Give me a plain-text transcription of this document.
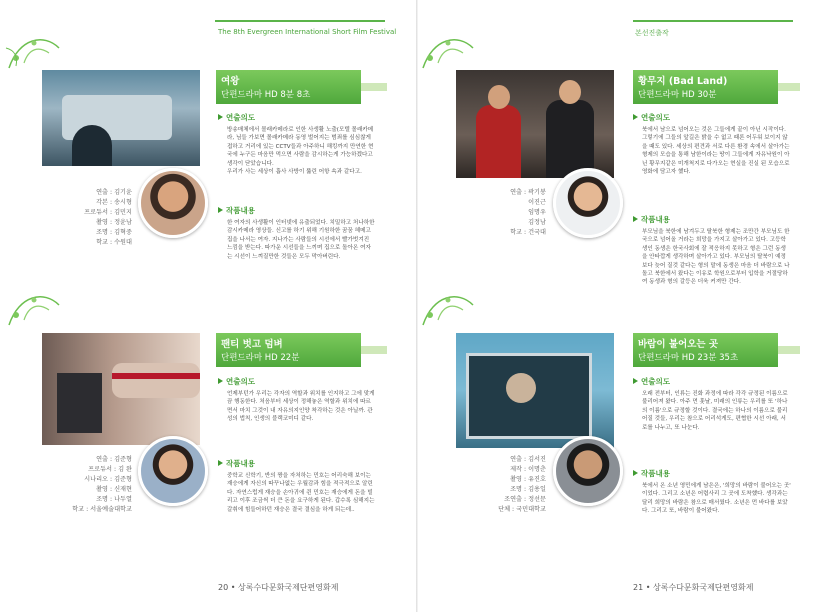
The 8th Evergreen International Short Film Festival
연출 : 김기윤
각본 : 송시형
프로듀서 : 김민지
촬영 : 정윤남
조명 : 김혁중
학교 : 수원대
여왕
단편드라마 HD 8분 8초
연출의도
방송매체에서 몰래카메라로 인한 사생활 노출(모텔 몰래카메라, 님들 가보면 몰래카메라 동영 벌어지는 범죄를 심심찮게 접하고 거리에 있는 CCTV들과 아주하니 해킹까지 만연한 현국에 누구든 마음만 먹으면 사람을 감시하는게 가능하겠다고 생각이 닫았습니다.
우리가 사는 세상이 흡사 사방이 뚫린 어항 속과 같다고.
작품내용
한 여자의 사생활이 인터넷에 유출되었다. 치밀하고 처나하한 감시카메라 영상들. 신고를 하기 위해 기원하한 꿈꿈 헤메고 집을 나서는 여자. 지나가는 사람들의 시선에서 빨가벗겨진 느낌을 받는다. 따가운 시선들을 느끼며 집으로 돌아온 여자는 시선이 느껴질만한 것들은 모두 막아버린다.
연출 : 김준형
프로듀서 : 김 완
시나리오 : 김준형
촬영 : 신재현
조명 : 나두열
학교 : 서울예술대학교
팬티 벗고 덤벼
단편드라마 HD 22분
연출의도
언제부턴가 우리는 각자의 역할과 위치를 인지하고 그에 맞게끔 행동한다. 처음부터 세상이 정해놓은 역할과 위치에 따르면서 마치 그것이 내 자유의지인양 착각하는 것은 아닐까. 관성의 법칙, 인생의 블랙코미디 같다.
작품내용
중학교 신학기, 반의 짱을 자처하는 민호는 어리숙해 보이는 재승에게 자신의 따꾸나없는 우월감과 힘을 적극적으로 알린다. 자연스럽게 재승을 손아귀에 쥔 민호는 재승에게 돈을 빌리고 이후 조금씩 더 큰 돈을 요구하게 된다. 갑수록 심해지는 갈취에 힘들어하던 재승은 결국 결심을 하게 되는데..
20 • 상록수다문화국제단편영화제
본선진출작
연출 : 곽기봉
이진근
임명우
김정남
학교 : 건국대
황무지 (Bad Land)
단편드라마 HD 30분
연출의도
북에서 남으로 넘어오는 것은 그들에게 끝이 아닌 시작이다. 그렇기에 그들의 앞길은 밝을 수 없고 때론 어두워 보이지 않을 때도 있다. 세상의 편견과 서로 다른 환경 속에서 살아가는 형제의 모습을 통해 남한이라는 땅이 그들에게 자유낙원이 아닌 황무지같은 미개척지로 다가오는 현실을 진실 된 모습으로 영화에 담고자 했다.
작품내용
부모님을 북한에 남겨두고 탈북한 형제는 조만간 부모님도 한국으로 넘어올 거라는 희망을 가지고 살아가고 있다. 고등학생인 동생은 한국사회에 잘 적응하지 못하고 형은 그런 동생을 안타깝게 생각하며 살아가고 있다. 부모님의 탈북이 예정보다 늦어 질것 같다는 형의 말에 동생은 마음 더 바람으로 나돌고 북한에서 왔다는 이유로 학원으로부터 입학을 거절당하여 동생과 형의 갈등은 더욱 커져만 간다.
연출 : 김서진
제작 : 이명춘
촬영 : 유진호
조명 : 김용일
조연출 : 정선문
단체 : 국민대학교
바람이 불어오는 곳
단편드라마 HD 23분 35초
연출의도
오래 전부터, 인류는 진화 과정에 따라 각각 규정된 이름으로 불리어져 왔다. 아주 먼 훗날, 미래의 인류는 우리를 또 '하나의 이름'으로 규정할 것이다. 결국에는 하나의 이름으로 불리어질 것들, 우리는 참으로 어리석게도, 편협한 시선 아래, 서로를 나누고, 또 나눈다.
작품내용
북에서 온 소년 영민에게 남은은, '희망의 바람이 불어오는 곳' 이었다. 그리고 소년은 어렵사리 그 곳에 도착했다. 생각과는 달리 희망의 바람은 참으로 매서웠다. 소년은 먼 바다를 보았다. 그리고 또, 바람이 불어왔다.
21 • 상록수다문화국제단편영화제
